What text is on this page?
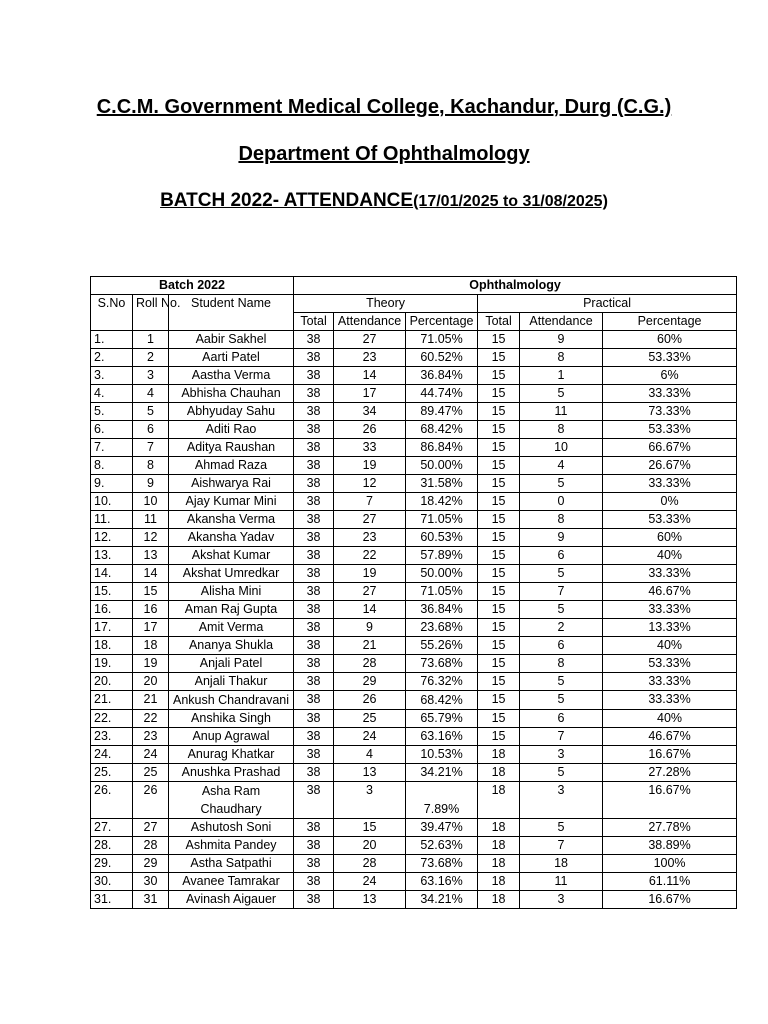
C.C.M. Government Medical College, Kachandur, Durg (C.G.)
Department Of Ophthalmology
BATCH 2022- ATTENDANCE(17/01/2025 to 31/08/2025)
Batch 2022			Ophthalmology					
S.No	Roll No.	Student Name	Theory			Practical		
			Total	Attendance	Percentage	Total	Attendance	Percentage
1.	1	Aabir Sakhel	38	27	71.05%	15	9	60%
2.	2	Aarti Patel	38	23	60.52%	15	8	53.33%
3.	3	Aastha Verma	38	14	36.84%	15	1	6%
4.	4	Abhisha Chauhan	38	17	44.74%	15	5	33.33%
5.	5	Abhyuday Sahu	38	34	89.47%	15	11	73.33%
6.	6	Aditi Rao	38	26	68.42%	15	8	53.33%
7.	7	Aditya Raushan	38	33	86.84%	15	10	66.67%
8.	8	Ahmad Raza	38	19	50.00%	15	4	26.67%
9.	9	Aishwarya Rai	38	12	31.58%	15	5	33.33%
10.	10	Ajay Kumar Mini	38	7	18.42%	15	0	0%
11.	11	Akansha Verma	38	27	71.05%	15	8	53.33%
12.	12	Akansha Yadav	38	23	60.53%	15	9	60%
13.	13	Akshat Kumar	38	22	57.89%	15	6	40%
14.	14	Akshat Umredkar	38	19	50.00%	15	5	33.33%
15.	15	Alisha Mini	38	27	71.05%	15	7	46.67%
16.	16	Aman Raj Gupta	38	14	36.84%	15	5	33.33%
17.	17	Amit Verma	38	9	23.68%	15	2	13.33%
18.	18	Ananya Shukla	38	21	55.26%	15	6	40%
19.	19	Anjali Patel	38	28	73.68%	15	8	53.33%
20.	20	Anjali Thakur	38	29	76.32%	15	5	33.33%
21.	21	Ankush Chandravani	38	26	68.42%	15	5	33.33%
22.	22	Anshika Singh	38	25	65.79%	15	6	40%
23.	23	Anup Agrawal	38	24	63.16%	15	7	46.67%
24.	24	Anurag Khatkar	38	4	10.53%	18	3	16.67%
25.	25	Anushka Prashad	38	13	34.21%	18	5	27.28%
26.	26	Asha Ram Chaudhary	38	3	7.89%	18	3	16.67%
27.	27	Ashutosh Soni	38	15	39.47%	18	5	27.78%
28.	28	Ashmita Pandey	38	20	52.63%	18	7	38.89%
29.	29	Astha Satpathi	38	28	73.68%	18	18	100%
30.	30	Avanee Tamrakar	38	24	63.16%	18	11	61.11%
31.	31	Avinash Aigauer	38	13	34.21%	18	3	16.67%
